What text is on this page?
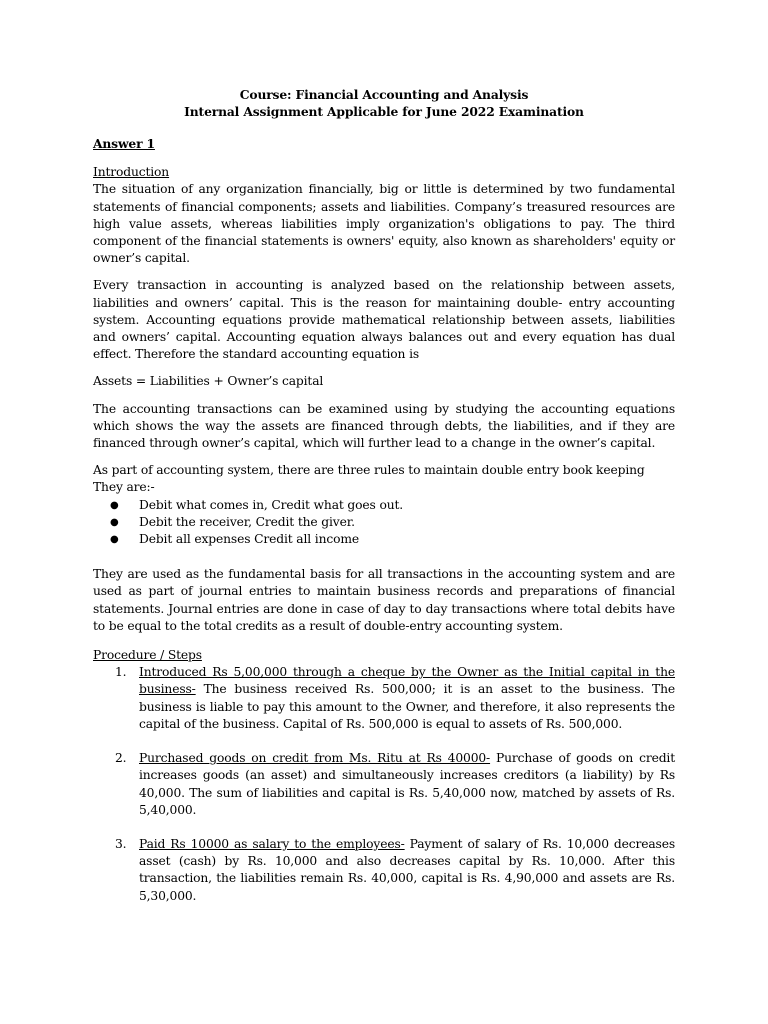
Course: Financial Accounting and Analysis
Internal Assignment Applicable for June 2022 Examination
Answer 1
Introduction

The situation of any organization financially, big or little is determined by two fundamental statements of financial components; assets and liabilities. Company’s treasured resources are high value assets, whereas liabilities imply organization's obligations to pay. The third component of the financial statements is owners' equity, also known as shareholders' equity or owner’s capital.

Every transaction in accounting is analyzed based on the relationship between assets, liabilities and owners’ capital. This is the reason for maintaining double- entry accounting system. Accounting equations provide mathematical relationship between assets, liabilities and owners’ capital. Accounting equation always balances out and every equation has dual effect. Therefore the standard accounting equation is

Assets = Liabilities + Owner’s capital

The accounting transactions can be examined using by studying the accounting equations which shows the way the assets are financed through debts, the liabilities, and if they are financed through owner’s capital, which will further lead to a change in the owner’s capital.

As part of accounting system, there are three rules to maintain double entry book keeping

They are:-

● Debit what comes in, Credit what goes out.
● Debit the receiver, Credit the giver.
● Debit all expenses Credit all income

They are used as the fundamental basis for all transactions in the accounting system and are used as part of journal entries to maintain business records and preparations of financial statements. Journal entries are done in case of day to day transactions where total debits have to be equal to the total credits as a result of double-entry accounting system.

Procedure / Steps
1. Introduced Rs 5,00,000 through a cheque by the Owner as the Initial capital in the business- The business received Rs. 500,000; it is an asset to the business. The business is liable to pay this amount to the Owner, and therefore, it also represents the capital of the business. Capital of Rs. 500,000 is equal to assets of Rs. 500,000.
2. Purchased goods on credit from Ms. Ritu at Rs 40000- Purchase of goods on credit increases goods (an asset) and simultaneously increases creditors (a liability) by Rs 40,000. The sum of liabilities and capital is Rs. 5,40,000 now, matched by assets of Rs. 5,40,000.
3. Paid Rs 10000 as salary to the employees- Payment of salary of Rs. 10,000 decreases asset (cash) by Rs. 10,000 and also decreases capital by Rs. 10,000. After this transaction, the liabilities remain Rs. 40,000, capital is Rs. 4,90,000 and assets are Rs. 5,30,000.
